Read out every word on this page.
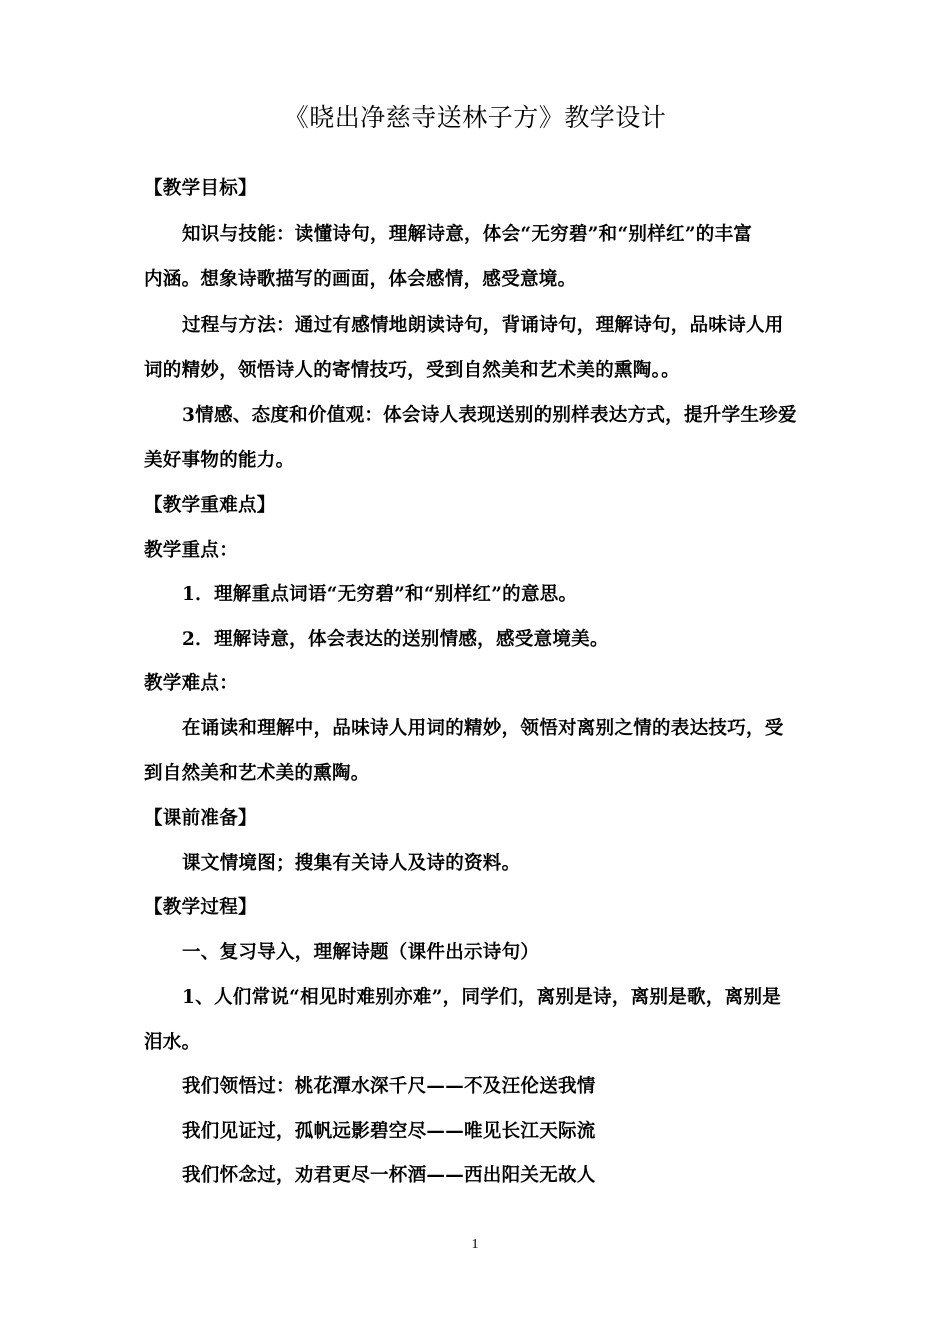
《晓出净慈寺送林子方》教学设计
【教学目标】
知识与技能：读懂诗句，理解诗意，体会“无穷碧”和“别样红”的丰富
内涵。想象诗歌描写的画面，体会感情，感受意境。
过程与方法：通过有感情地朗读诗句，背诵诗句，理解诗句，品味诗人用
词的精妙，领悟诗人的寄情技巧，受到自然美和艺术美的熏陶。。
3情感、态度和价值观：体会诗人表现送别的别样表达方式，提升学生珍爱
美好事物的能力。
【教学重难点】
教学重点：
1．理解重点词语“无穷碧”和“别样红”的意思。
2．理解诗意，体会表达的送别情感，感受意境美。
教学难点：
在诵读和理解中，品味诗人用词的精妙，领悟对离别之情的表达技巧，受
到自然美和艺术美的熏陶。
【课前准备】
课文情境图；搜集有关诗人及诗的资料。
【教学过程】
一、复习导入，理解诗题（课件出示诗句）
1、人们常说“相见时难别亦难”，同学们，离别是诗，离别是歌，离别是
泪水。
我们领悟过：桃花潭水深千尺——不及汪伦送我情
我们见证过，孤帆远影碧空尽——唯见长江天际流
我们怀念过，劝君更尽一杯酒——西出阳关无故人
1
